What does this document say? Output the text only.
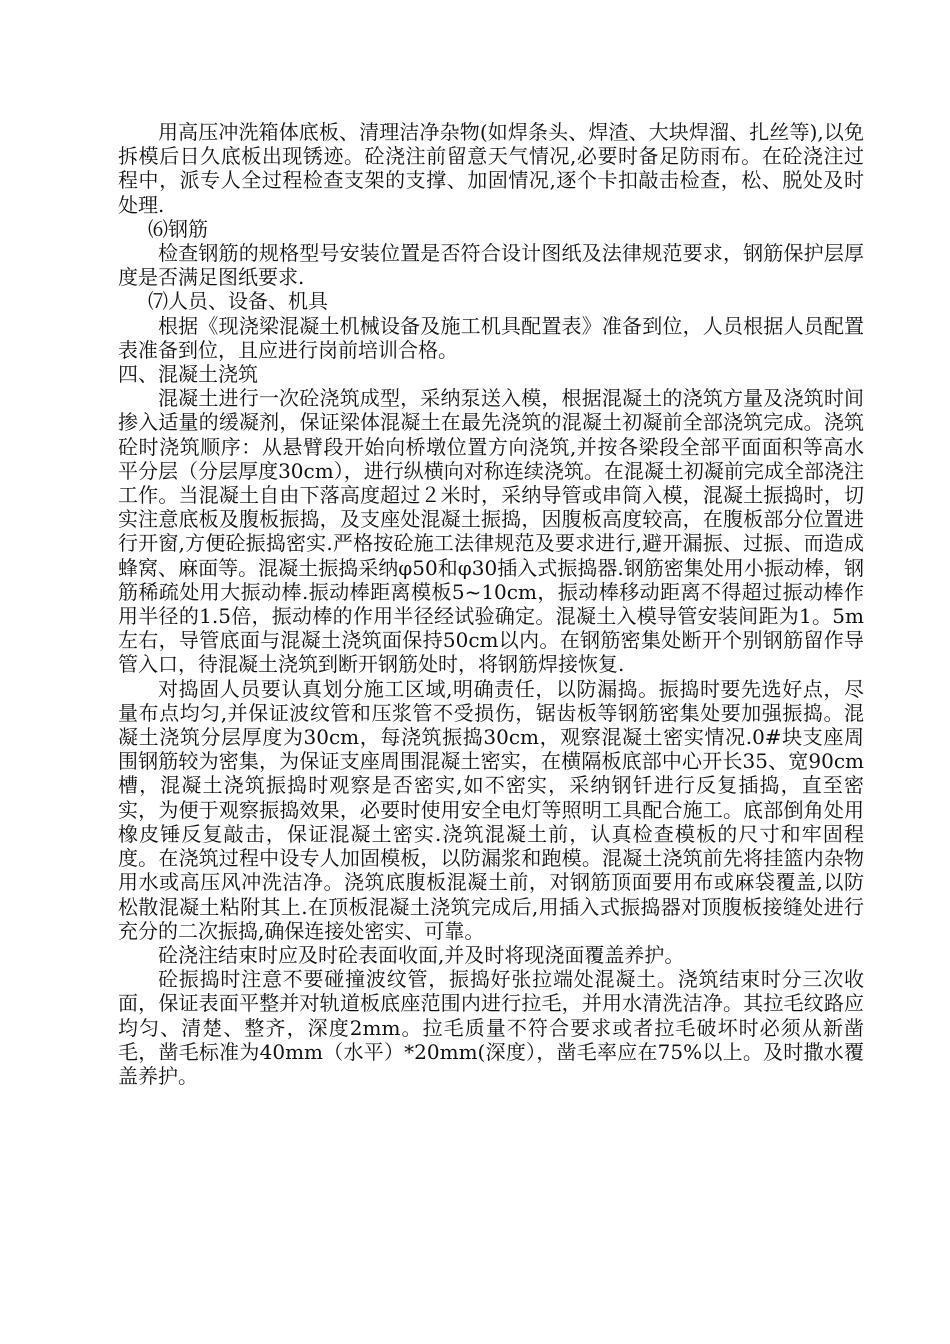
用高压冲洗箱体底板、清理洁净杂物(如焊条头、焊渣、大块焊溜、扎丝等),以免拆模后日久底板出现锈迹。砼浇注前留意天气情况,必要时备足防雨布。在砼浇注过程中，派专人全过程检查支架的支撑、加固情况,逐个卡扣敲击检查，松、脱处及时处理.

⑹钢筋

检查钢筋的规格型号安装位置是否符合设计图纸及法律规范要求，钢筋保护层厚度是否满足图纸要求.

⑺人员、设备、机具

根据《现浇梁混凝土机械设备及施工机具配置表》准备到位，人员根据人员配置表准备到位，且应进行岗前培训合格。

四、混凝土浇筑

混凝土进行一次砼浇筑成型，采纳泵送入模，根据混凝土的浇筑方量及浇筑时间掺入适量的缓凝剂，保证梁体混凝土在最先浇筑的混凝土初凝前全部浇筑完成。浇筑砼时浇筑顺序：从悬臂段开始向桥墩位置方向浇筑,并按各梁段全部平面面积等高水平分层（分层厚度30cm），进行纵横向对称连续浇筑。在混凝土初凝前完成全部浇注工作。当混凝土自由下落高度超过２米时，采纳导管或串筒入模，混凝土振捣时，切实注意底板及腹板振捣，及支座处混凝土振捣，因腹板高度较高，在腹板部分位置进行开窗,方便砼振捣密实.严格按砼施工法律规范及要求进行,避开漏振、过振、而造成蜂窝、麻面等。混凝土振捣采纳φ50和φ30插入式振捣器.钢筋密集处用小振动棒，钢筋稀疏处用大振动棒.振动棒距离模板5~10cm，振动棒移动距离不得超过振动棒作用半径的1.5倍，振动棒的作用半径经试验确定。混凝土入模导管安装间距为1。5m左右，导管底面与混凝土浇筑面保持50cm以内。在钢筋密集处断开个别钢筋留作导管入口，待混凝土浇筑到断开钢筋处时，将钢筋焊接恢复.

对捣固人员要认真划分施工区域,明确责任，以防漏捣。振捣时要先选好点，尽量布点均匀,并保证波纹管和压浆管不受损伤，锯齿板等钢筋密集处要加强振捣。混凝土浇筑分层厚度为30cm，每浇筑振捣30cm，观察混凝土密实情况.0#块支座周围钢筋较为密集，为保证支座周围混凝土密实，在横隔板底部中心开长35、宽90cm槽，混凝土浇筑振捣时观察是否密实,如不密实，采纳钢钎进行反复插捣，直至密实，为便于观察振捣效果，必要时使用安全电灯等照明工具配合施工。底部倒角处用橡皮锤反复敲击，保证混凝土密实.浇筑混凝土前，认真检查模板的尺寸和牢固程度。在浇筑过程中设专人加固模板，以防漏浆和跑模。混凝土浇筑前先将挂篮内杂物用水或高压风冲洗洁净。浇筑底腹板混凝土前，对钢筋顶面要用布或麻袋覆盖,以防松散混凝土粘附其上.在顶板混凝土浇筑完成后,用插入式振捣器对顶腹板接缝处进行充分的二次振捣,确保连接处密实、可靠。

砼浇注结束时应及时砼表面收面,并及时将现浇面覆盖养护。

砼振捣时注意不要碰撞波纹管，振捣好张拉端处混凝土。浇筑结束时分三次收面，保证表面平整并对轨道板底座范围内进行拉毛，并用水清洗洁净。其拉毛纹路应均匀、清楚、整齐，深度2mm。拉毛质量不符合要求或者拉毛破坏时必须从新凿毛，凿毛标准为40mm（水平）*20mm(深度），凿毛率应在75%以上。及时撒水覆盖养护。
